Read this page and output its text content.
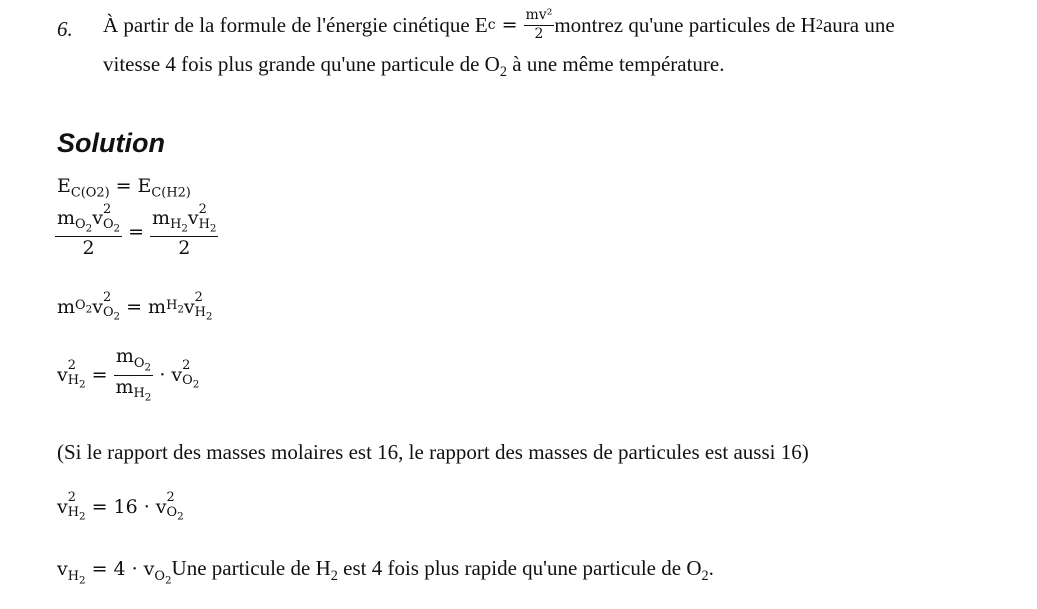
6. À partir de la formule de l'énergie cinétique E $c = \frac{\text{mv²}}{2}$ montrez qu'une particules de H 2 aura une
vitesse 4 fois plus grande qu'une particule de $O_2$ à une même température.
Solution
$E_{C(O2)} = E_{C(H2)}$
$m_{O_2}v$ 2
$O_2$
$2 = m_{H_2}v$ 2
$H_2$
2
m $O_2$ v 2
$O_2 = m$ $H_2$ v 2
$H_2$
v 2
$H_2 = \frac{m_{O_2}}{m_{H_2}} \cdot v$ 2
$O_2$
(Si le rapport des masses molaires est 16, le rapport des masses de particules est aussi 16)
v 2
$H_2 = 16 \cdot v$ 2
$O_2$
$v_{H_2}= 4 \cdot v_{O_2}$
Une particule de $H_2$ est 4 fois plus rapide qu'une particule de $O_2$.
